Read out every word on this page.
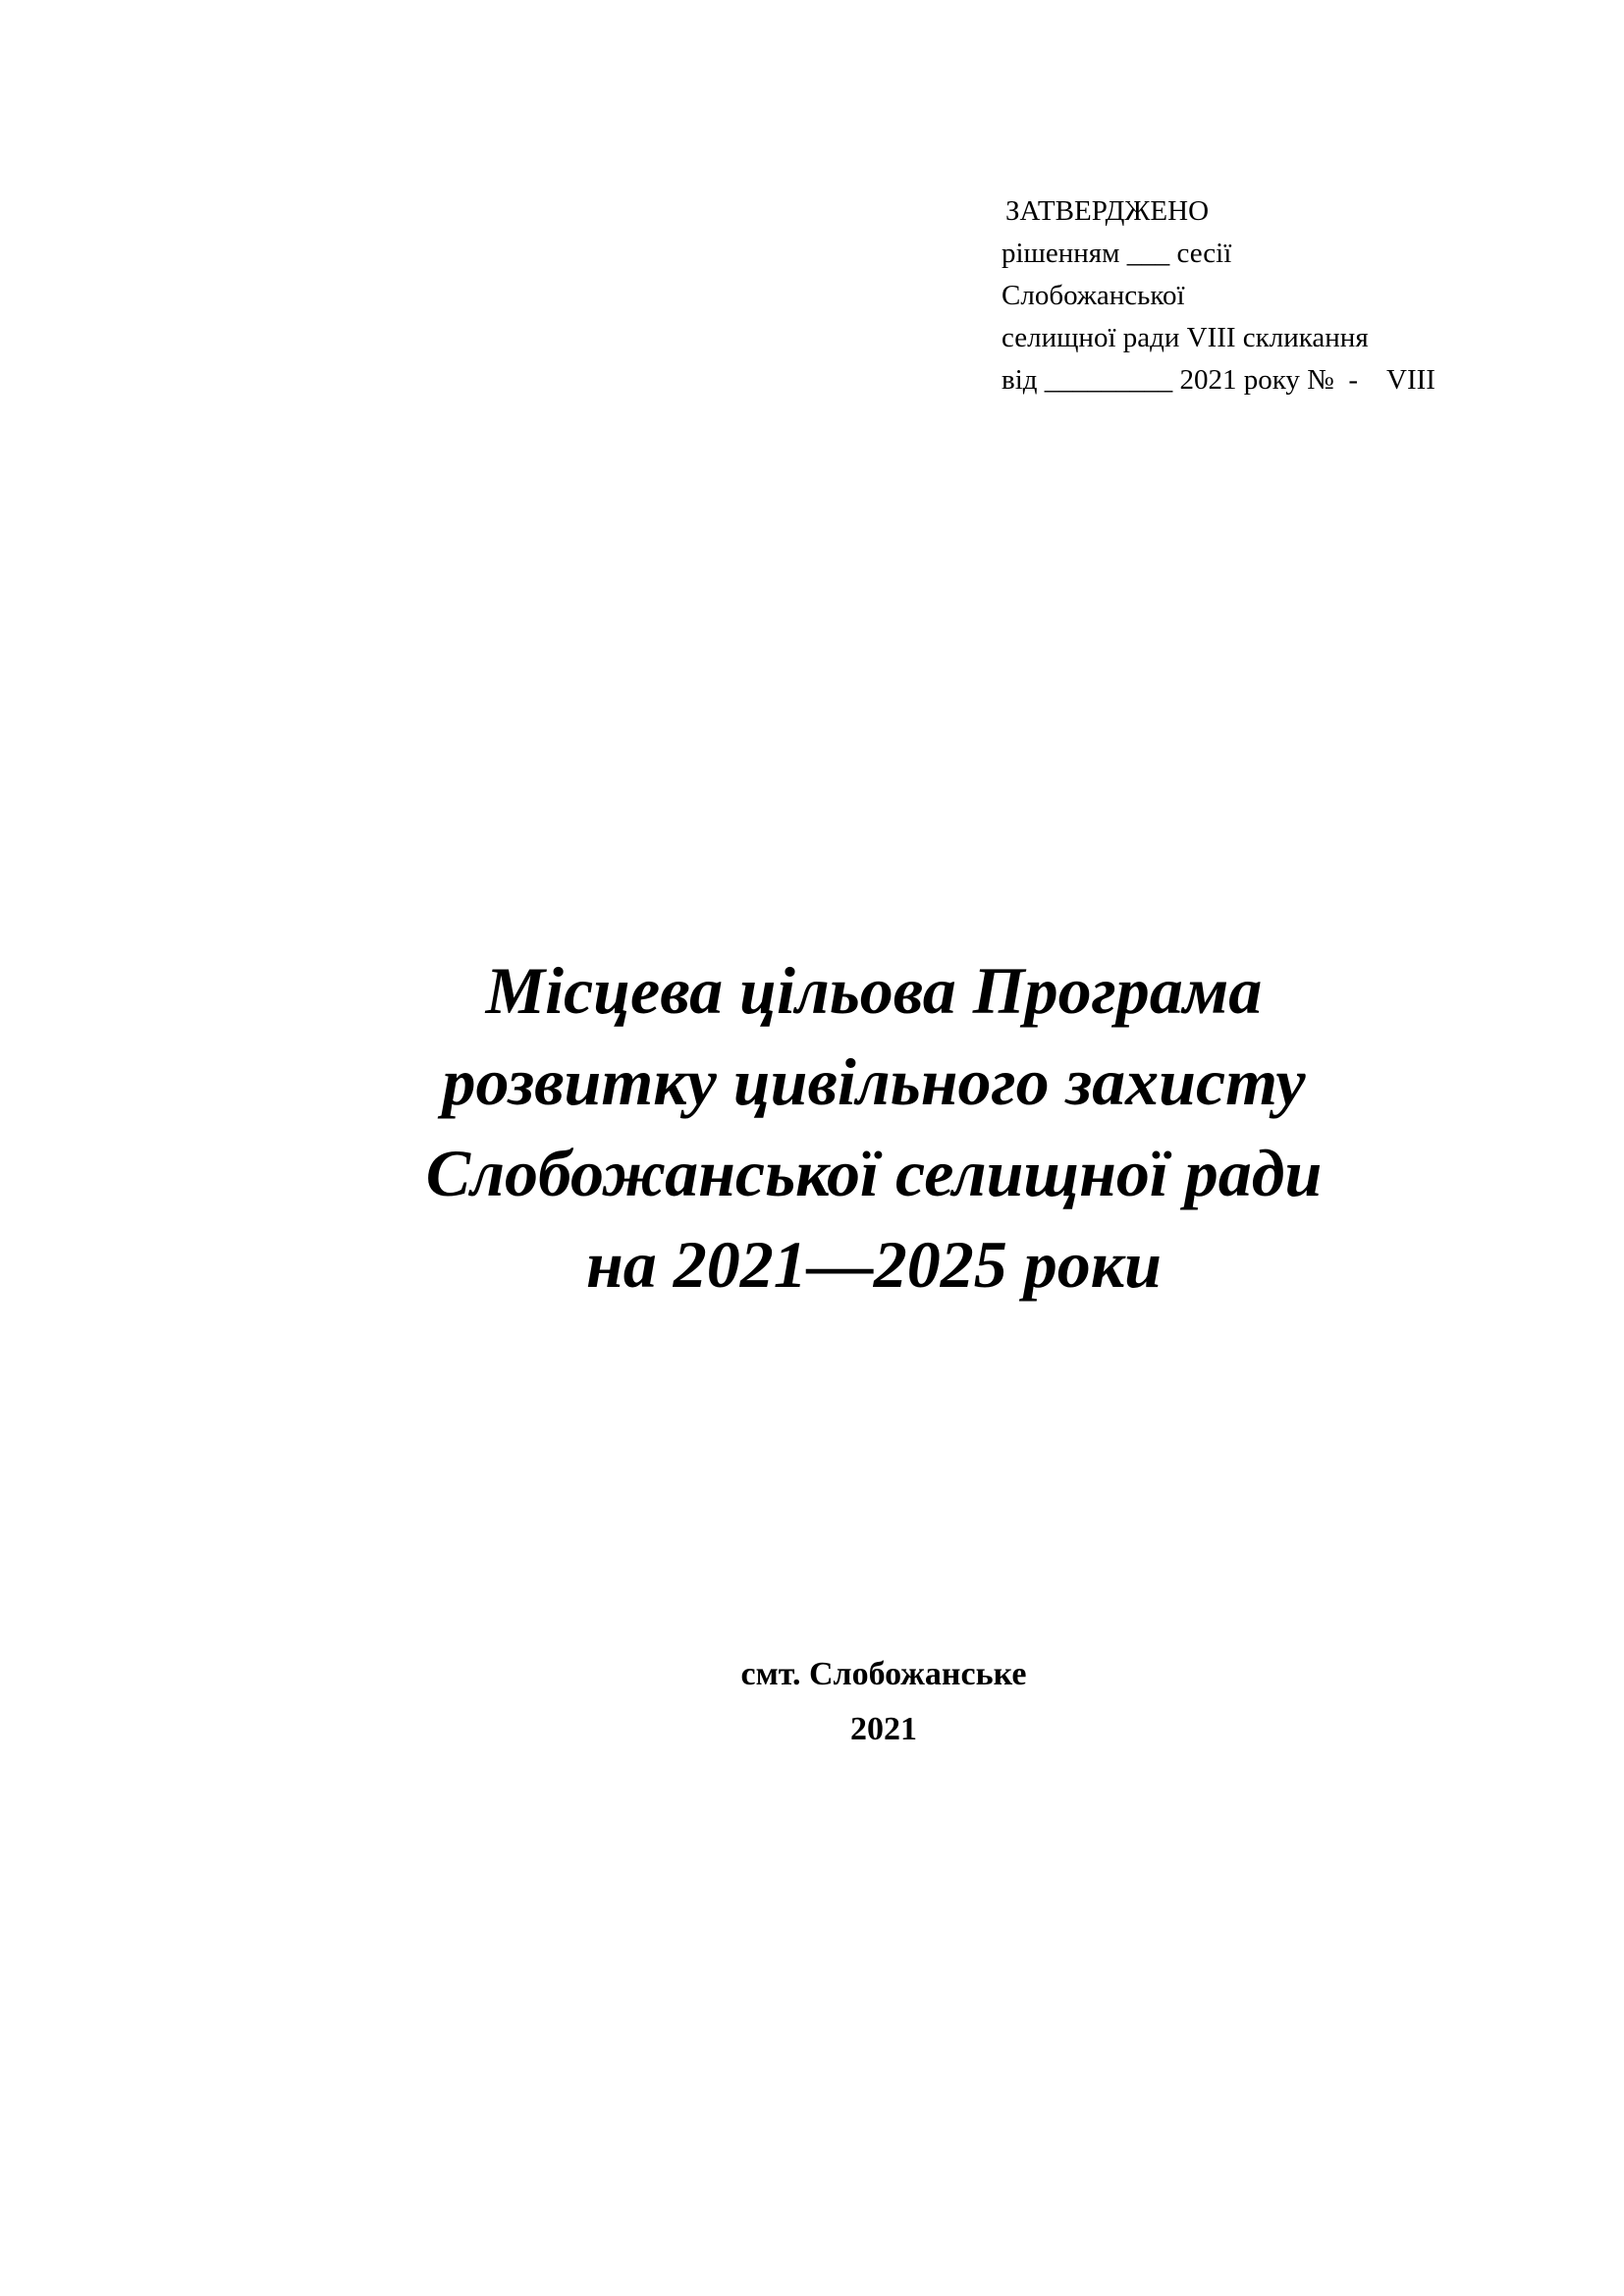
ЗАТВЕРДЖЕНО
рішенням ___ сесії
Слобожанської
селищної ради VIII скликання
від _________ 2021 року №  -    VIII
Місцева цільова Програма
розвитку цивільного захисту
Слобожанської селищної ради
на 2021—2025 роки
смт. Слобожанське
2021
